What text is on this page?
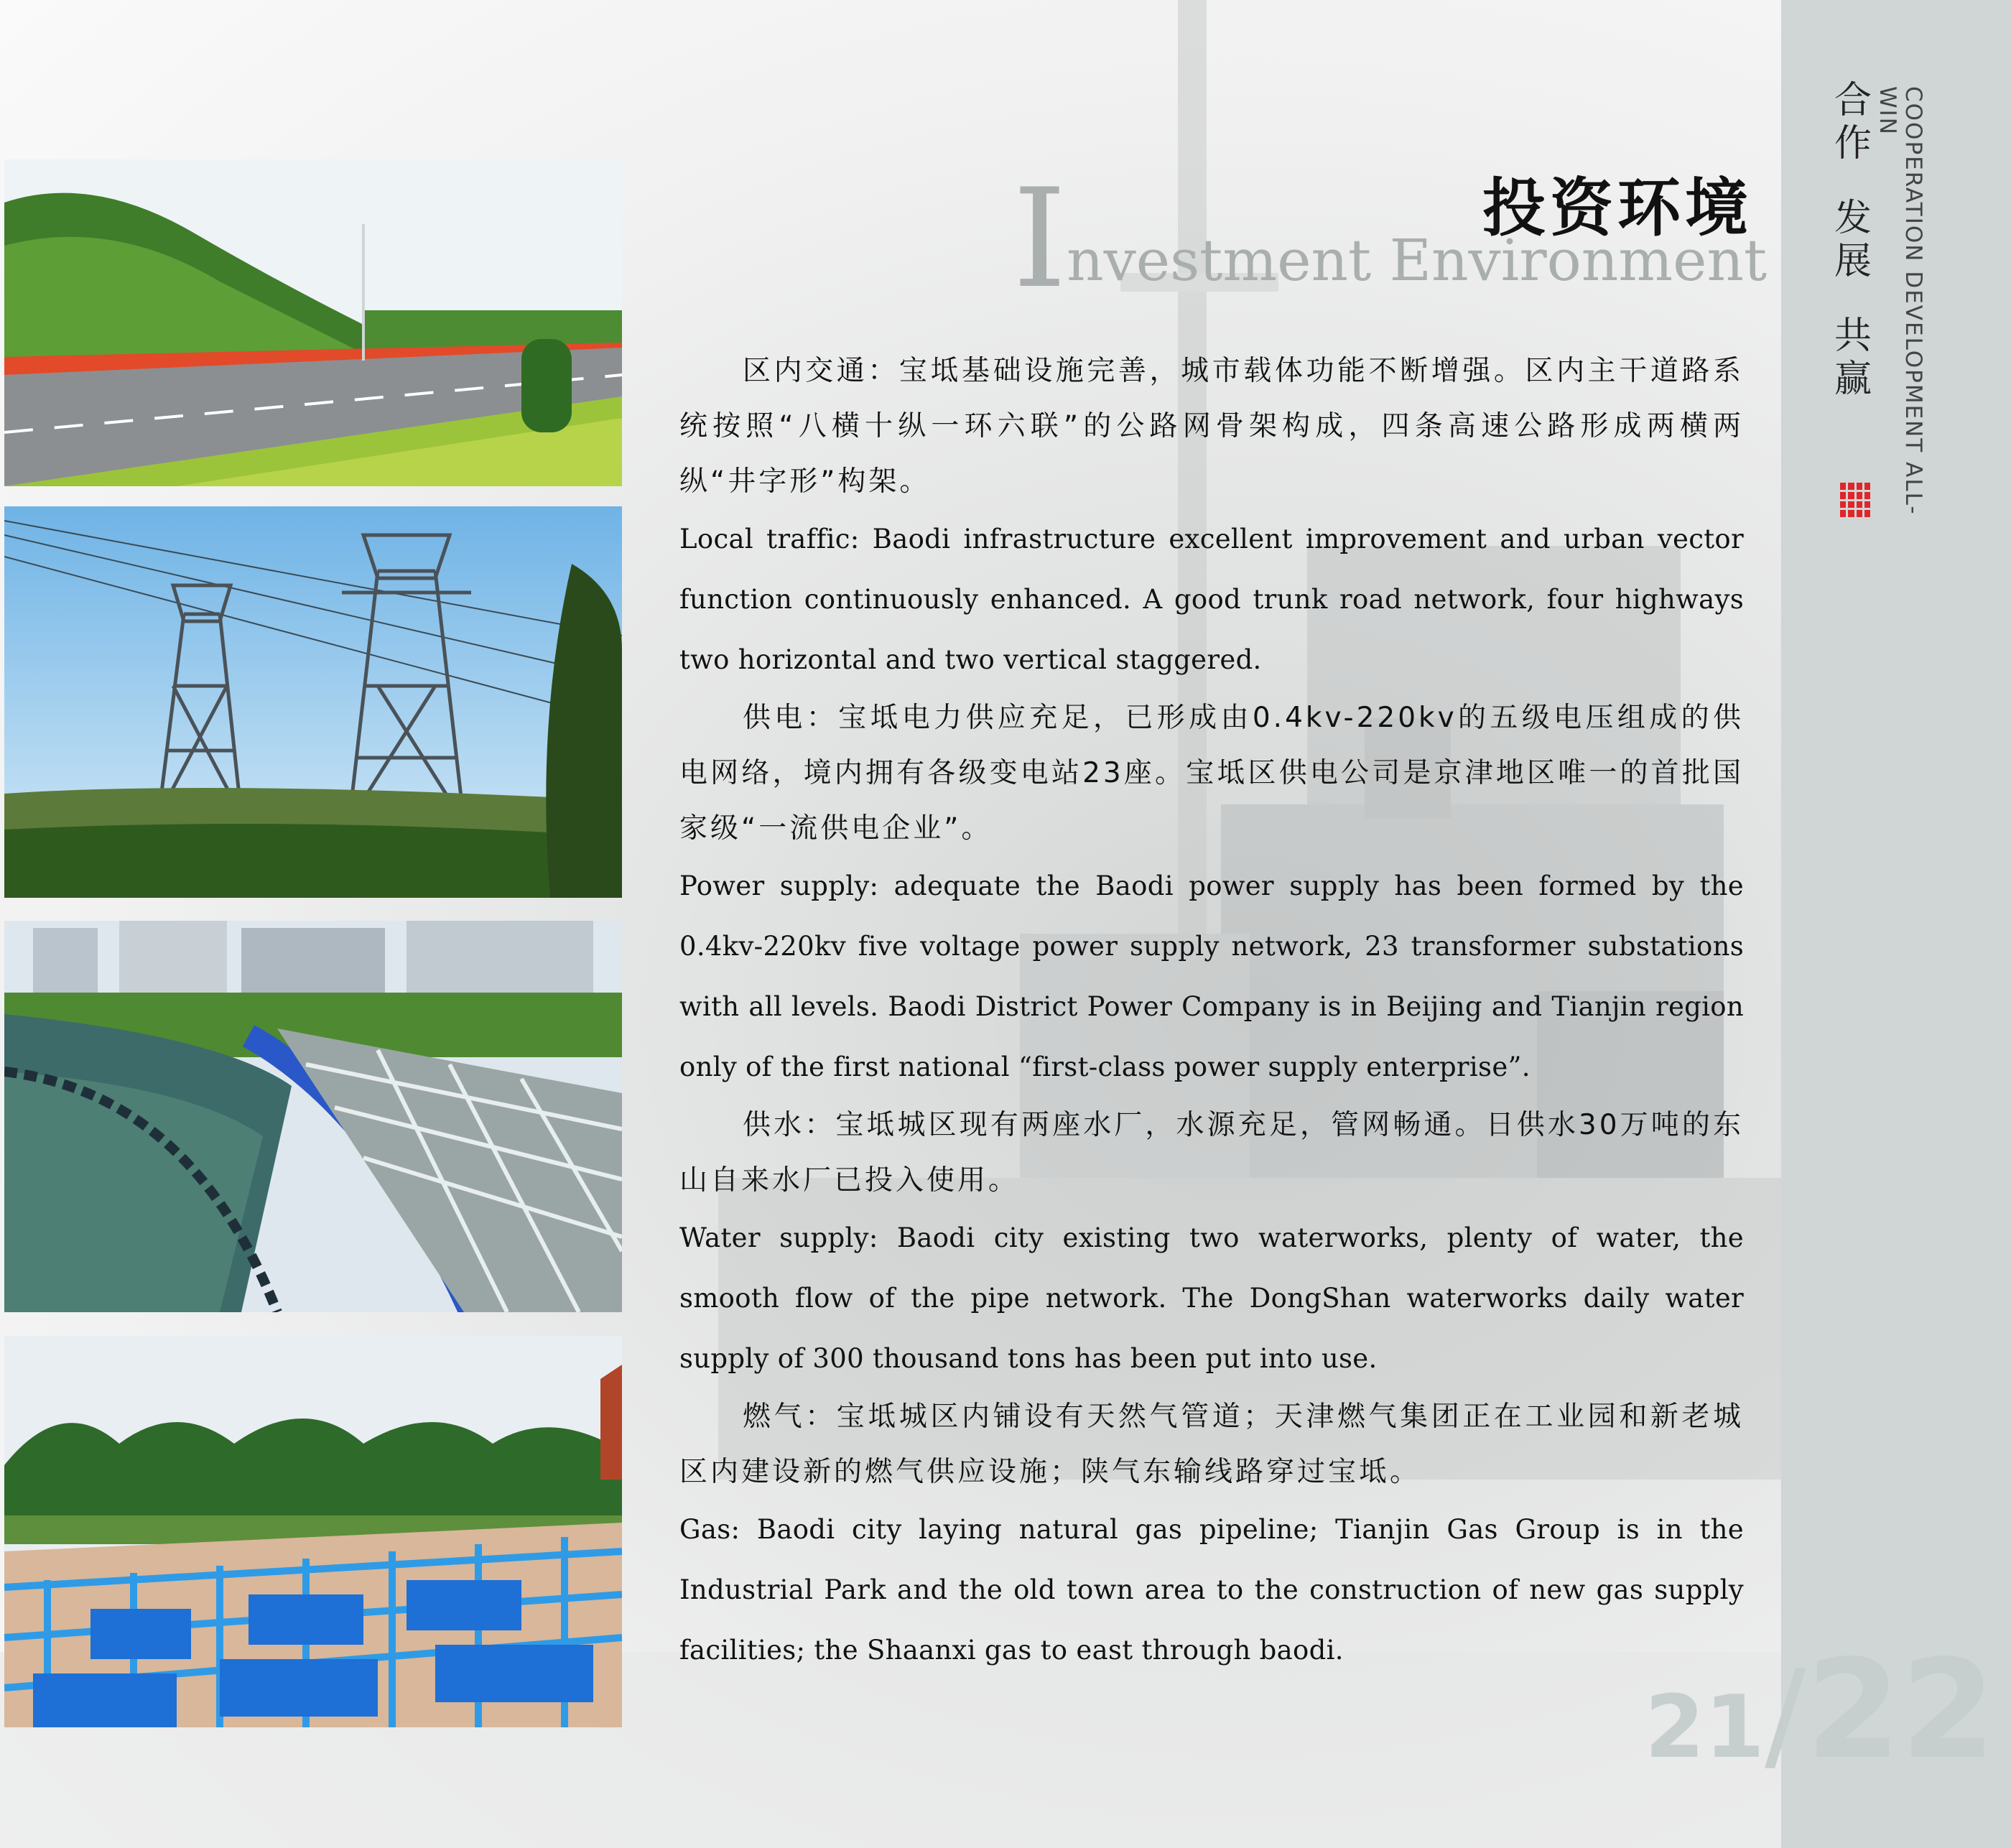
合
作
发
展
共
赢	COOPERATION DEVELOPMENT ALL-WIN
投资环境
Investment Environment

区内交通：宝坻基础设施完善，城市载体功能不断增强。区内主干道路系统按照“八横十纵一环六联”的公路网骨架构成，四条高速公路形成两横两纵“井字形”构架。

Local traffic: Baodi infrastructure excellent improvement and urban vector function continuously enhanced. A good trunk road network, four highways two horizontal and two vertical staggered.

供电：宝坻电力供应充足，已形成由0.4kv-220kv的五级电压组成的供电网络，境内拥有各级变电站23座。宝坻区供电公司是京津地区唯一的首批国家级“一流供电企业”。

Power supply: adequate the Baodi power supply has been formed by the 0.4kv-220kv five voltage power supply network, 23 transformer substations with all levels. Baodi District Power Company is in Beijing and Tianjin region only of the first national “first-class power supply enterprise”.

供水：宝坻城区现有两座水厂，水源充足，管网畅通。日供水30万吨的东山自来水厂已投入使用。

Water supply: Baodi city existing two waterworks, plenty of water, the smooth flow of the pipe network. The DongShan waterworks daily water supply of 300 thousand tons has been put into use.

燃气：宝坻城区内铺设有天然气管道；天津燃气集团正在工业园和新老城区内建设新的燃气供应设施；陕气东输线路穿过宝坻。

Gas: Baodi city laying natural gas pipeline; Tianjin Gas Group is in the Industrial Park and the old town area to the construction of new gas supply facilities; the Shaanxi gas to east through baodi.

21/22
